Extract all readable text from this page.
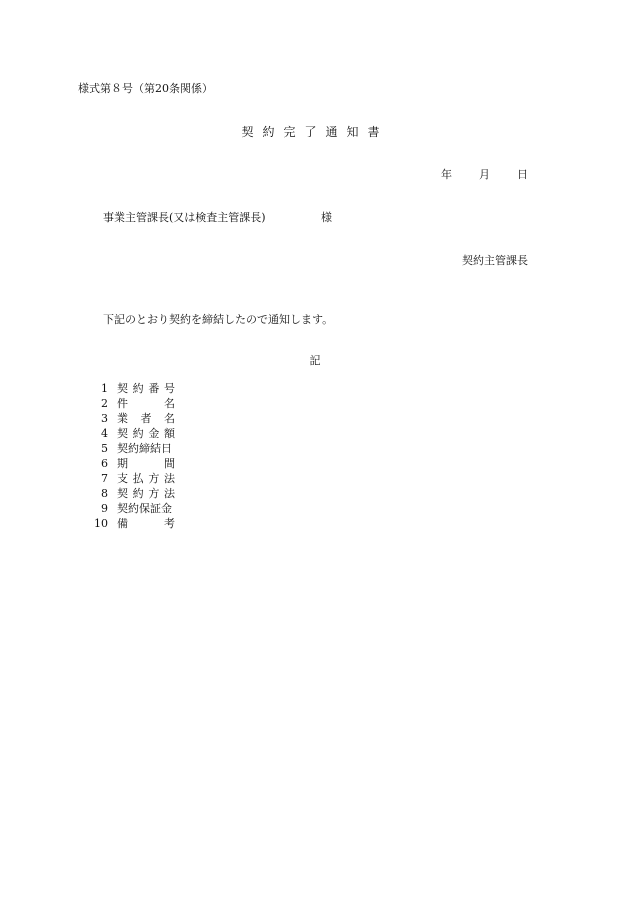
様式第８号（第20条関係）
契約完了通知書
年 月 日
事業主管課長(又は検査主管課長)	様
契約主管課長
下記のとおり契約を締結したので通知します。
記
1 契 約 番 号
2 件	名
3 業 者 名
4 契 約 金 額
5 契 約 締 結 日
6 期	間
7 支 払 方 法
8 契 約 方 法
9 契 約 保 証 金
10 備	考
